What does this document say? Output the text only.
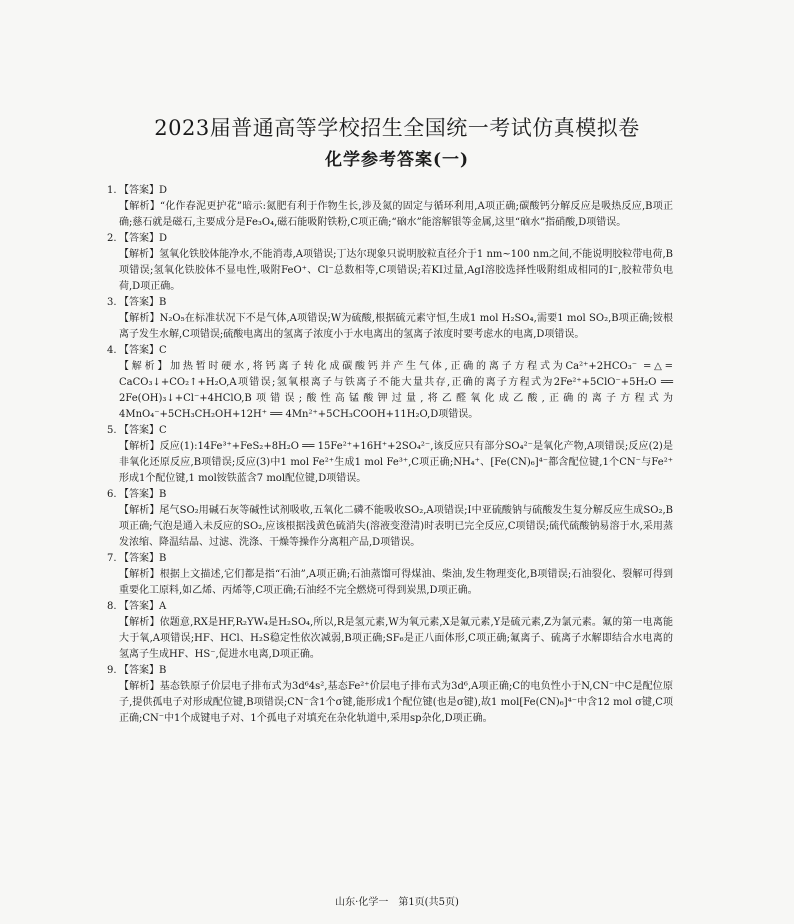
2023届普通高等学校招生全国统一考试仿真模拟卷
化学参考答案(一)
1. 【答案】D

【解析】“化作春泥更护花”暗示:氮肥有利于作物生长,涉及氮的固定与循环利用,A项正确;碳酸钙分解反应是吸热反应,B项正确;慈石就是磁石,主要成分是Fe₃O₄,磁石能吸附铁粉,C项正确;“硇水”能溶解银等金属,这里“硇水”指硝酸,D项错误。

2. 【答案】D

【解析】氢氧化铁胶体能净水,不能消毒,A项错误;丁达尔现象只说明胶粒直径介于1 nm~100 nm之间,不能说明胶粒带电荷,B项错误;氢氧化铁胶体不显电性,吸附FeO⁺、Cl⁻总数相等,C项错误;若KI过量,AgI溶胶选择性吸附组成相同的I⁻,胶粒带负电荷,D项正确。

3. 【答案】B

【解析】N₂O₅在标准状况下不是气体,A项错误;W为硫酸,根据硫元素守恒,生成1 mol H₂SO₄,需要1 mol SO₂,B项正确;铵根离子发生水解,C项错误;硫酸电离出的氢离子浓度小于水电离出的氢离子浓度时要考虑水的电离,D项错误。

4. 【答案】C

【解析】加热暂时硬水,将钙离子转化成碳酸钙并产生气体,正确的离子方程式为Ca²⁺+2HCO₃⁻ =△= CaCO₃↓+CO₂↑+H₂O,A项错误;氢氧根离子与铁离子不能大量共存,正确的离子方程式为2Fe²⁺+5ClO⁻+5H₂O ══ 2Fe(OH)₃↓+Cl⁻+4HClO,B项错误;酸性高锰酸钾过量,将乙醛氧化成乙酸,正确的离子方程式为4MnO₄⁻+5CH₃CH₂OH+12H⁺ ══ 4Mn²⁺+5CH₃COOH+11H₂O,D项错误。

5. 【答案】C

【解析】反应(1):14Fe³⁺+FeS₂+8H₂O ══ 15Fe²⁺+16H⁺+2SO₄²⁻,该反应只有部分SO₄²⁻是氧化产物,A项错误;反应(2)是非氧化还原反应,B项错误;反应(3)中1 mol Fe²⁺生成1 mol Fe³⁺,C项正确;NH₄⁺、[Fe(CN)₆]⁴⁻都含配位键,1个CN⁻与Fe²⁺形成1个配位键,1 mol铵铁蓝含7 mol配位键,D项错误。

6. 【答案】B

【解析】尾气SO₂用碱石灰等碱性试剂吸收,五氧化二磷不能吸收SO₂,A项错误;Ⅰ中亚硫酸钠与硫酸发生复分解反应生成SO₂,B项正确;气泡是通入未反应的SO₂,应该根据浅黄色硫消失(溶液变澄清)时表明已完全反应,C项错误;硫代硫酸钠易溶于水,采用蒸发浓缩、降温结晶、过滤、洗涤、干燥等操作分离粗产品,D项错误。

7. 【答案】B

【解析】根据上文描述,它们都是指“石油”,A项正确;石油蒸馏可得煤油、柴油,发生物理变化,B项错误;石油裂化、裂解可得到重要化工原料,如乙烯、丙烯等,C项正确;石油经不完全燃烧可得到炭黑,D项正确。

8. 【答案】A

【解析】依题意,RX是HF,R₂YW₄是H₂SO₄,所以,R是氢元素,W为氧元素,X是氟元素,Y是硫元素,Z为氯元素。氟的第一电离能大于氧,A项错误;HF、HCl、H₂S稳定性依次减弱,B项正确;SF₆是正八面体形,C项正确;氟离子、硫离子水解即结合水电离的氢离子生成HF、HS⁻,促进水电离,D项正确。

9. 【答案】B

【解析】基态铁原子价层电子排布式为3d⁶4s²,基态Fe²⁺价层电子排布式为3d⁶,A项正确;C的电负性小于N,CN⁻中C是配位原子,提供孤电子对形成配位键,B项错误;CN⁻含1个σ键,能形成1个配位键(也是σ键),故1 mol[Fe(CN)₆]⁴⁻中含12 mol σ键,C项正确;CN⁻中1个成键电子对、1个孤电子对填充在杂化轨道中,采用sp杂化,D项正确。

山东·化学一　第1页(共5页)
